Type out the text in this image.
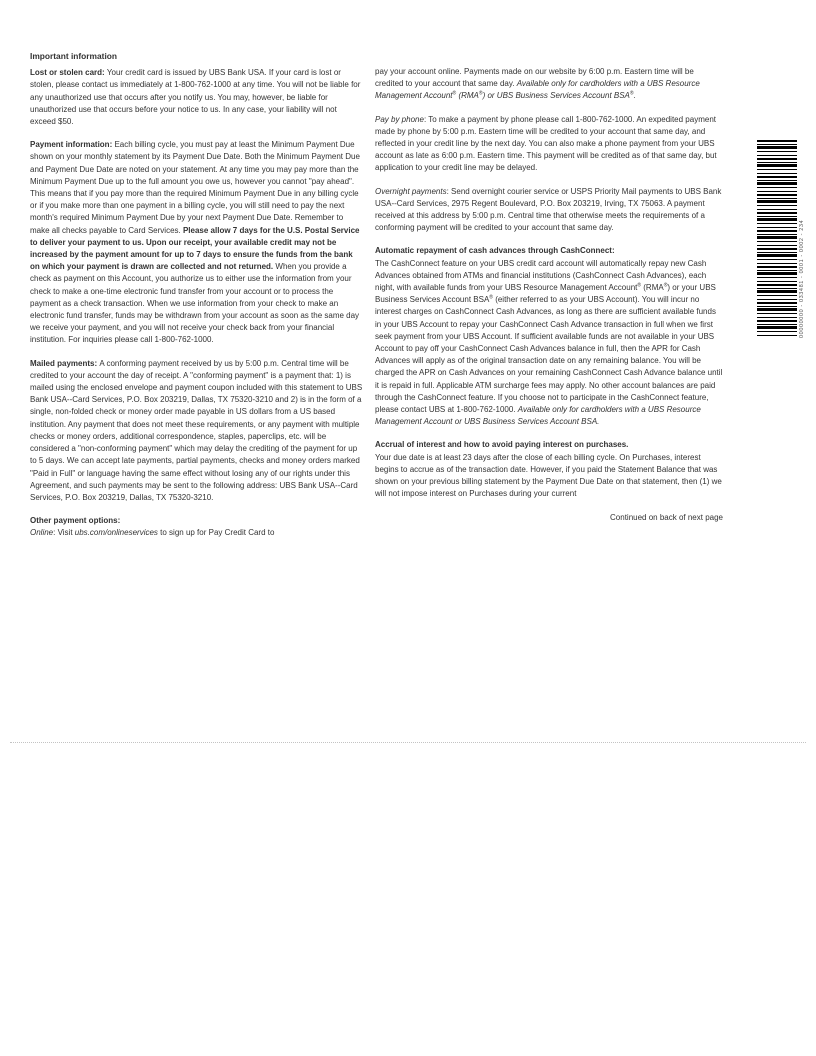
Important information

Lost or stolen card: Your credit card is issued by UBS Bank USA. If your card is lost or stolen, please contact us immediately at 1-800-762-1000 at any time. You will not be liable for any unauthorized use that occurs after you notify us. You may, however, be liable for unauthorized use that occurs before your notice to us. In any case, your liability will not exceed $50.

Payment information: Each billing cycle, you must pay at least the Minimum Payment Due shown on your monthly statement by its Payment Due Date. Both the Minimum Payment Due and Payment Due Date are noted on your statement. At any time you may pay more than the Minimum Payment Due up to the full amount you owe us, however you cannot "pay ahead". This means that if you pay more than the required Minimum Payment Due in any billing cycle or if you make more than one payment in a billing cycle, you will still need to pay the next month's required Minimum Payment Due by your next Payment Due Date. Remember to make all checks payable to Card Services. Please allow 7 days for the U.S. Postal Service to deliver your payment to us. Upon our receipt, your available credit may not be increased by the payment amount for up to 7 days to ensure the funds from the bank on which your payment is drawn are collected and not returned. When you provide a check as payment on this Account, you authorize us to either use the information from your check to make a one-time electronic fund transfer from your account or to process the payment as a check transaction. When we use information from your check to make an electronic fund transfer, funds may be withdrawn from your account as soon as the same day we receive your payment, and you will not receive your check back from your financial institution. For inquiries please call 1-800-762-1000.

Mailed payments: A conforming payment received by us by 5:00 p.m. Central time will be credited to your account the day of receipt. A "conforming payment" is a payment that: 1) is mailed using the enclosed envelope and payment coupon included with this statement to UBS Bank USA--Card Services, P.O. Box 203219, Dallas, TX 75320-3210 and 2) is in the form of a single, non-folded check or money order made payable in US dollars from a US based institution. Any payment that does not meet these requirements, or any payment with multiple checks or money orders, additional correspondence, staples, paperclips, etc. will be considered a "non-conforming payment" which may delay the crediting of the payment for up to 5 days. We can accept late payments, partial payments, checks and money orders marked "Paid in Full" or language having the same effect without losing any of our rights under this Agreement, and such payments may be sent to the following address: UBS Bank USA--Card Services, P.O. Box 203219, Dallas, TX 75320-3210.

Other payment options:
Online: Visit ubs.com/onlineservices to sign up for Pay Credit Card to

pay your account online. Payments made on our website by 6:00 p.m. Eastern time will be credited to your account that same day. Available only for cardholders with a UBS Resource Management Account® (RMA®) or UBS Business Services Account BSA®.

Pay by phone: To make a payment by phone please call 1-800-762-1000. An expedited payment made by phone by 5:00 p.m. Eastern time will be credited to your account that same day, and reflected in your credit line by the next day. You can also make a phone payment from your UBS account as late as 6:00 p.m. Eastern time. This payment will be credited as of that same day, but application to your credit line may be delayed.

Overnight payments: Send overnight courier service or USPS Priority Mail payments to UBS Bank USA--Card Services, 2975 Regent Boulevard, P.O. Box 203219, Irving, TX 75063. A payment received at this address by 5:00 p.m. Central time that otherwise meets the requirements of a conforming payment will be credited to your account that same day.

Automatic repayment of cash advances through CashConnect:
The CashConnect feature on your UBS credit card account will automatically repay new Cash Advances obtained from ATMs and financial institutions (CashConnect Cash Advances), each night, with available funds from your UBS Resource Management Account® (RMA®) or your UBS Business Services Account BSA® (either referred to as your UBS Account). You will incur no interest charges on CashConnect Cash Advances, as long as there are sufficient available funds in your UBS Account to repay your CashConnect Cash Advance transaction in full when we first seek payment from your UBS Account. If sufficient available funds are not available in your UBS Account to pay off your CashConnect Cash Advances balance in full, then the APR for Cash Advances will apply as of the original transaction date on any remaining balance. You will be charged the APR on Cash Advances on your remaining CashConnect Cash Advance balance until it is repaid in full. Applicable ATM surcharge fees may apply. No other account balances are paid through the CashConnect feature. If you choose not to participate in the CashConnect feature, please contact UBS at 1-800-762-1000. Available only for cardholders with a UBS Resource Management Account or UBS Business Services Account BSA.

Accrual of interest and how to avoid paying interest on purchases.
Your due date is at least 23 days after the close of each billing cycle. On Purchases, interest begins to accrue as of the transaction date. However, if you paid the Statement Balance that was shown on your previous billing statement by the Payment Due Date on that statement, then (1) we will not impose interest on Purchases during your current

Continued on back of next page
00000000 - 033481 - 0001 - 0002 - 234
